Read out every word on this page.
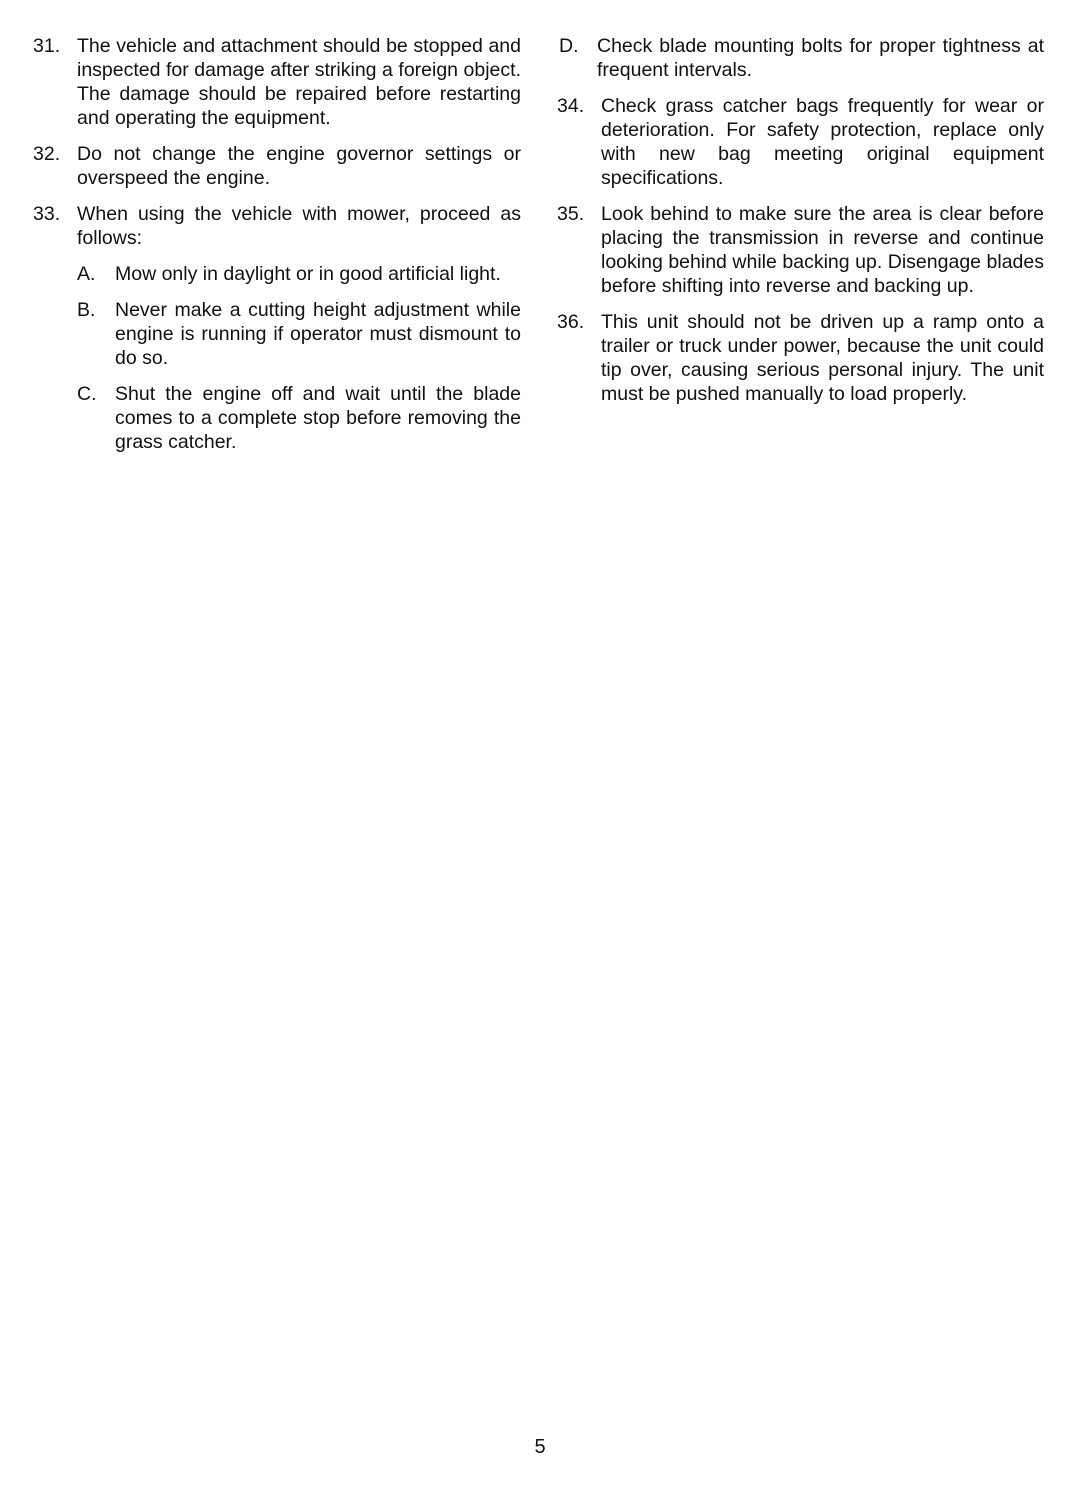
31. The vehicle and attachment should be stopped and inspected for damage after striking a foreign object. The damage should be repaired before restarting and operating the equipment.

32. Do not change the engine governor settings or overspeed the engine.

33. When using the vehicle with mower, proceed as follows:

A.	Mow only in daylight or in good artificial light.

B.	Never make a cutting height adjustment while engine is running if operator must dismount to do so.

C. Shut the engine off and wait until the blade comes to a complete stop before removing the grass catcher.

D. Check blade mounting bolts for proper tightness at frequent intervals.

34. Check grass catcher bags frequently for wear or deterioration. For safety protection, replace only with new bag meeting original equipment specifications.

35. Look behind to make sure the area is clear before placing the transmission in reverse and continue looking behind while backing up. Disengage blades before shifting into reverse and backing up.

36. This unit should not be driven up a ramp onto a trailer or truck under power, because the unit could tip over, causing serious personal injury. The unit must be pushed manually to load properly.

5
